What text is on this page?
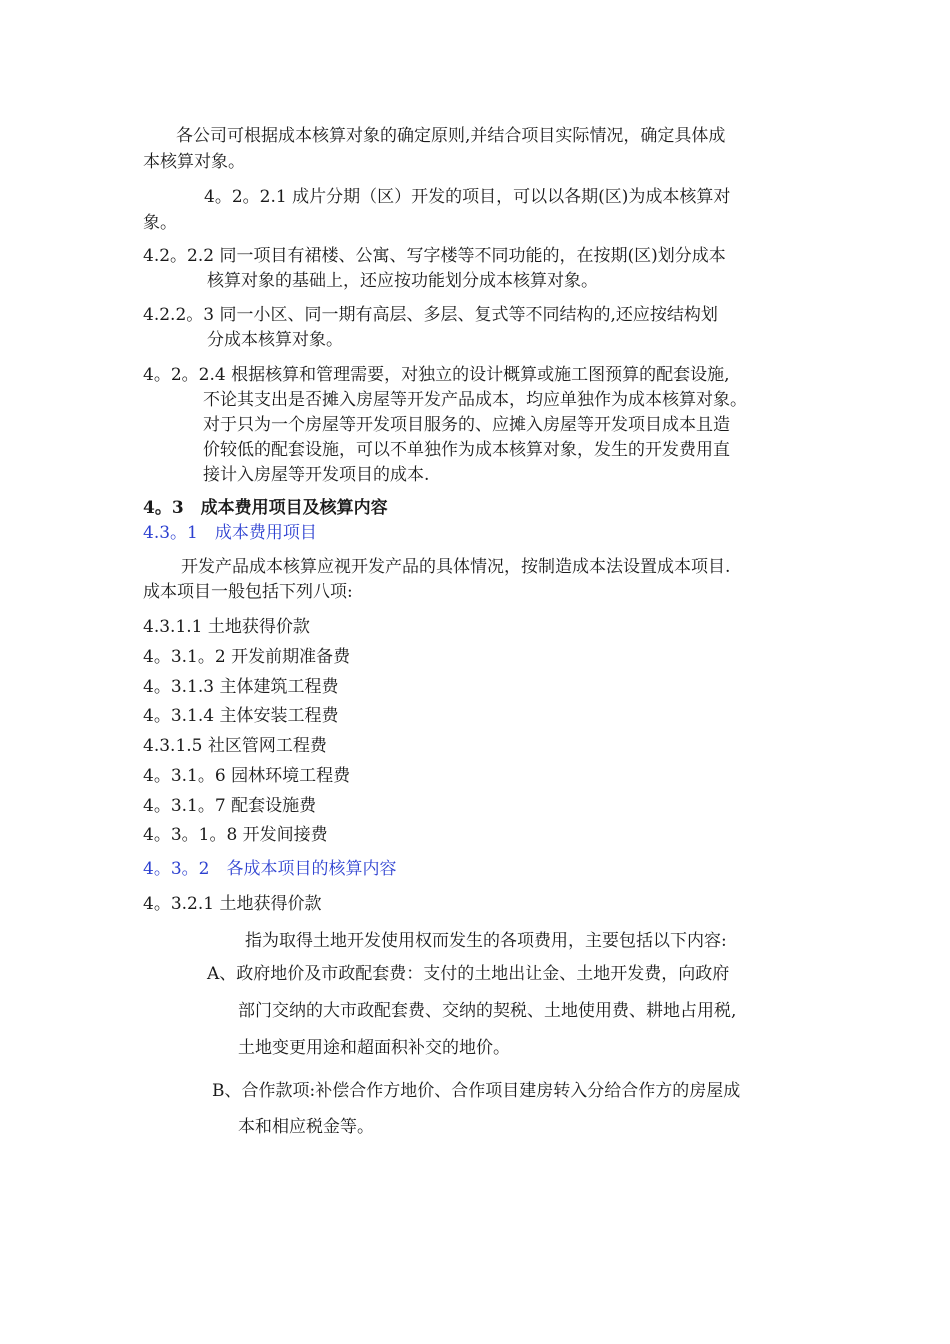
各公司可根据成本核算对象的确定原则,并结合项目实际情况，确定具体成
本核算对象。
4。2。2.1 成片分期（区）开发的项目，可以以各期(区)为成本核算对
象。
4.2。2.2 同一项目有裙楼、公寓、写字楼等不同功能的，在按期(区)划分成本
核算对象的基础上，还应按功能划分成本核算对象。
4.2.2。3 同一小区、同一期有高层、多层、复式等不同结构的,还应按结构划
分成本核算对象。
4。2。2.4 根据核算和管理需要，对独立的设计概算或施工图预算的配套设施,
不论其支出是否摊入房屋等开发产品成本，均应单独作为成本核算对象。
对于只为一个房屋等开发项目服务的、应摊入房屋等开发项目成本且造
价较低的配套设施，可以不单独作为成本核算对象，发生的开发费用直
接计入房屋等开发项目的成本.
4。3　成本费用项目及核算内容
4.3。1　成本费用项目
开发产品成本核算应视开发产品的具体情况，按制造成本法设置成本项目.
成本项目一般包括下列八项:
4.3.1.1 土地获得价款
4。3.1。2 开发前期准备费
4。3.1.3 主体建筑工程费
4。3.1.4 主体安装工程费
4.3.1.5 社区管网工程费
4。3.1。6 园林环境工程费
4。3.1。7 配套设施费
4。3。1。8 开发间接费
4。3。2　各成本项目的核算内容
4。3.2.1 土地获得价款
指为取得土地开发使用权而发生的各项费用，主要包括以下内容:
A、政府地价及市政配套费：支付的土地出让金、土地开发费，向政府
部门交纳的大市政配套费、交纳的契税、土地使用费、耕地占用税,
土地变更用途和超面积补交的地价。
B、合作款项:补偿合作方地价、合作项目建房转入分给合作方的房屋成
本和相应税金等。
